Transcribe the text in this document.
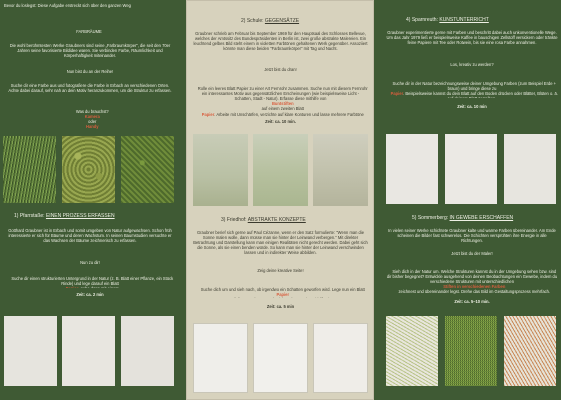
Bevor du loslegst: Diese Aufgabe erstreckt sich über den ganzen Weg
FARBRÄUME
Die wohl berühmtesten Werke Graubners sind seine „Farbraumkörper“, die seit den 70er Jahren seine favorisierte Bildidee waren. Sie verbinden Farbe, Räumlichkeit und Körperhaftigkeit miteinander.
Nun bist du an der Reihe!
Suche dir eine Farbe aus und fotografiere die Farbe in Erbach an verschiedenen Orten. Achte dabei darauf, sehr nah an dein Motiv heranzukommen, um die Struktur zu erfassen.

Was du brauchst?
Kamera
oder
Handy

1) Pfarrstaße: EINEN PROZESS ERFASSEN
Gotthard Graubner ist in Erbach und somit umgeben von Natur aufgewachsen. Schon früh interessierte er sich für Bäume und deren Wachstum. In seinen Baumstudien versuchte er das Wachsen der Bäume zeichnerisch zu erfassen.
Nun zu dir!

Suche dir einen strukturierten Untergrund in der Natur (z. B. Blatt einer Pflanze, ein Stück Rinde) und lege darauf ein Blatt

Zeit: ca. 2 min
2) Schule: GEGENSÄTZE
Graubner schrieb am Februar bis September 1969 für den Hauptsaal des Schlosses Bellevue, welches der Amtssitz des Bundespräsidenten in Berlin ist, zwei große abstrakte Malereien. Ein leuchtend gelbes Bild steht einem in violetten Farbtönen gehaltenen Werk gegenüber. Assoziiert könnte man diese beiden "Farbraumkörper" mit Tag und Nacht.
Jetzt bist du dran!

Rolle ein leeres Blatt Papier zu einer Art Fernrohr zusammen. Suche nun mit diesem Fernrohr ein interessantes Motiv aus gegensätzlichen Erscheinungen (wie beispielsweise Licht - Schatten, Stadt - Natur). Erfasse diese mithilfe von
Buntstiften
auf einem zweiten Blatt
Papier. Arbeite mit Unschärfen, verzichte auf klare Konturen und lasse mehrere Farbtöne

Zeit: ca. 10 min.
3) Friedhof: ABSTRAKTE KONZEPTE
Graubner berief sich gerne auf Paul Cézanne, wenn er den Satz formulierte: "Wenn man die Sonne malen wolle, dann müsse man sie hinter der Leinwand verbergen." Mit direkter Betrachtung und Darstellung kann man einigen Realitäten nicht gerecht werden. Dabei geht sich die Sonne, als sie einen benden würde. So kann man sie hinter der Leinwand verschwinden lassen und in indirekter Weise abbilden.
Zeig deine kreative Seite!

Suche dich um und sieh nach, ob irgendwo ein Schatten geworfen wird. Lege nun ein Blatt
Papier

Zeit: ca. 5 min
4) Sparnreuth: KUNSTUNTERRICHT
Graubner experimentierte gerne mit Farben und beschritt dabei auch unkonventionelle Wege. Um das Jahr 1979 ließ er beispielsweise Kaffee in bauschigen Zellstoff versickern oder tränkte feine Papiere mit Tee oder Rotwein, bis sie eine rosa Farbe annahmen.
Los, kreativ zu werden?

Suche dir in der Natur bezeichnungsweise deiner Umgebung Farben (zum Beispiel Erde + braun) und bringe diese zu
Papier. Beispielsweise kannst du dein Blatt auf den Boden drücken oder Blätter, Blüten o. ä.

Zeit: ca. 10 min
5) Sommerberg: IN GEWEBE ERSCHAFFEN
In vielen seiner Werke schichtete Graubner kalte und warme Farben übereinander. Am Ende scheinen die Bilder fast schwerelos. Die Schichten versprühten ihre Energie in alle Richtungen.
Jetzt bist du der Maler!

Sieh dich in der Natur um. Welche Strukturen kannst du in der Umgebung sehen bzw. sind dir bisher begegnet? Entwickle ausgehend von deinen Beobachtungen ein Gewebe, indem du verschiedene Strukturen mit unterschiedlichen
Stiften in verschiedenen Farben
zeichnest und übereinander legst. Drehe das Bild im Gestaltungsprozess mehrfach.

Zeit: ca. 5–10 min.
